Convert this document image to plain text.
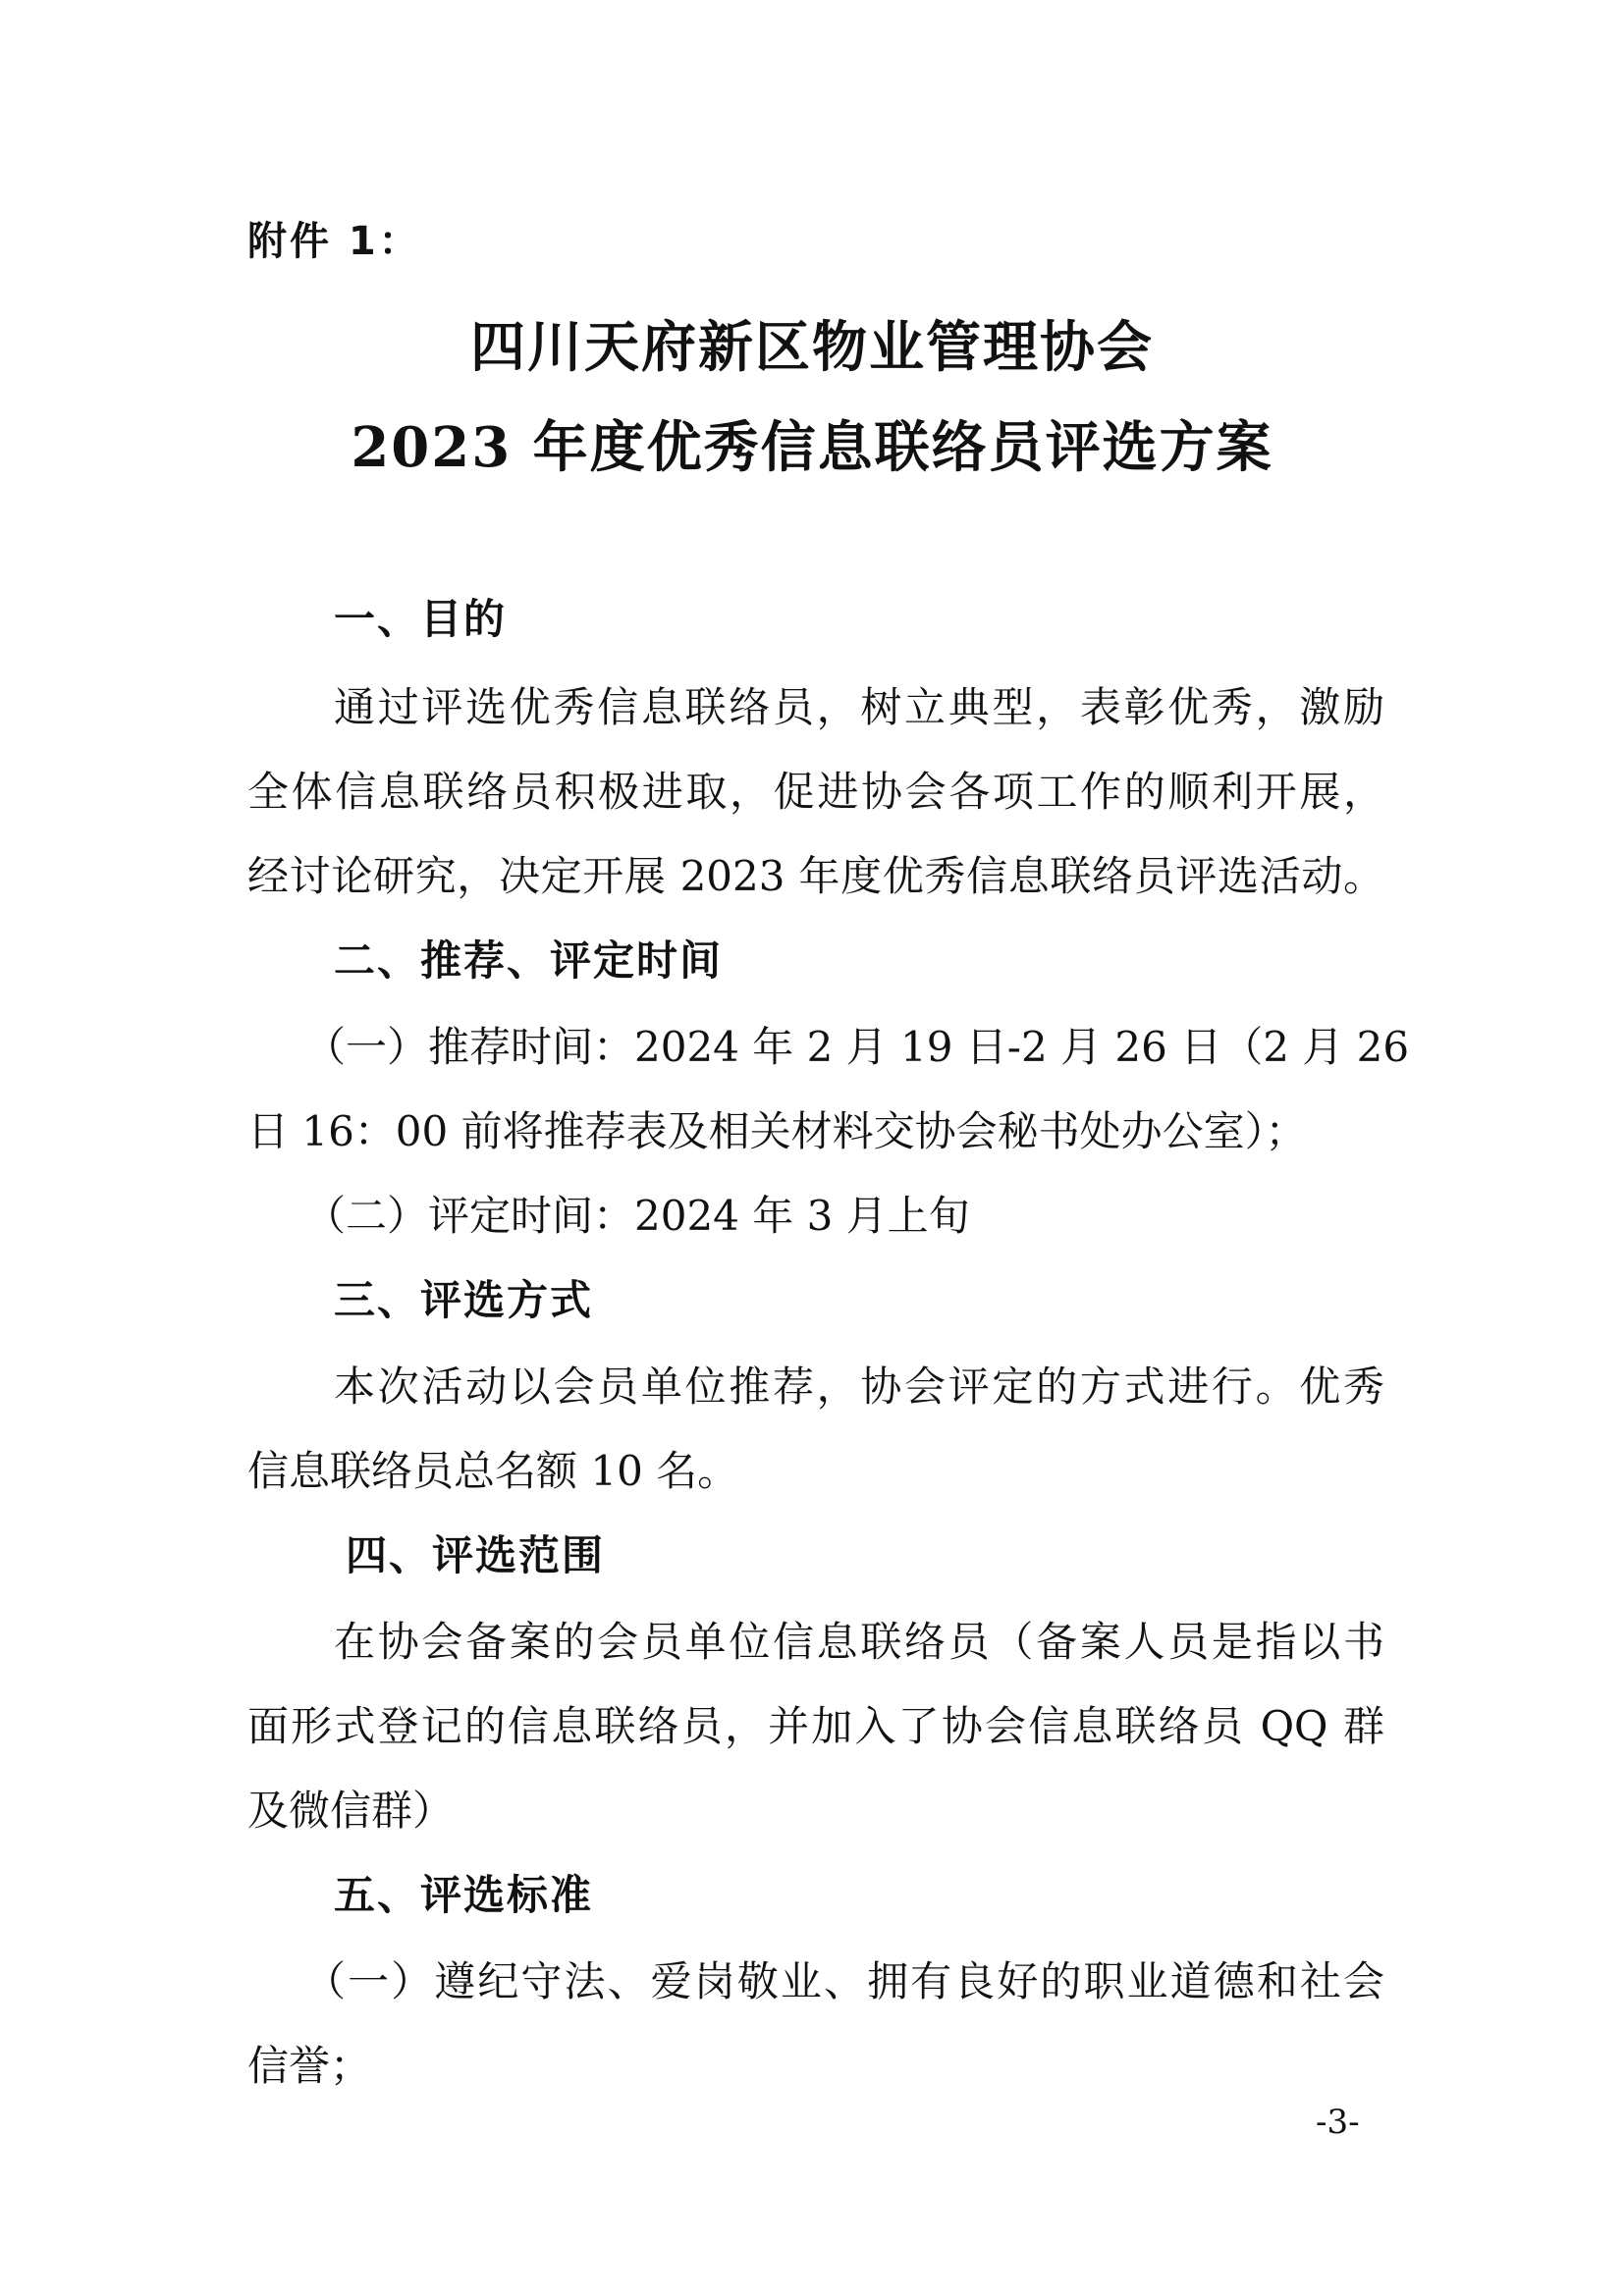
附件 1：
四川天府新区物业管理协会
2023 年度优秀信息联络员评选方案
一、目的
通过评选优秀信息联络员，树立典型，表彰优秀，激励
全体信息联络员积极进取，促进协会各项工作的顺利开展，
经讨论研究，决定开展 2023 年度优秀信息联络员评选活动。
二、推荐、评定时间
（一）推荐时间：2024 年 2 月 19 日-2 月 26 日（2 月 26
日 16：00 前将推荐表及相关材料交协会秘书处办公室）；
（二）评定时间：2024 年 3 月上旬
三、评选方式
本次活动以会员单位推荐，协会评定的方式进行。优秀
信息联络员总名额 10 名。
四、评选范围
在协会备案的会员单位信息联络员（备案人员是指以书
面形式登记的信息联络员，并加入了协会信息联络员 QQ 群
及微信群）
五、评选标准
（一）遵纪守法、爱岗敬业、拥有良好的职业道德和社会
信誉；
-3-
